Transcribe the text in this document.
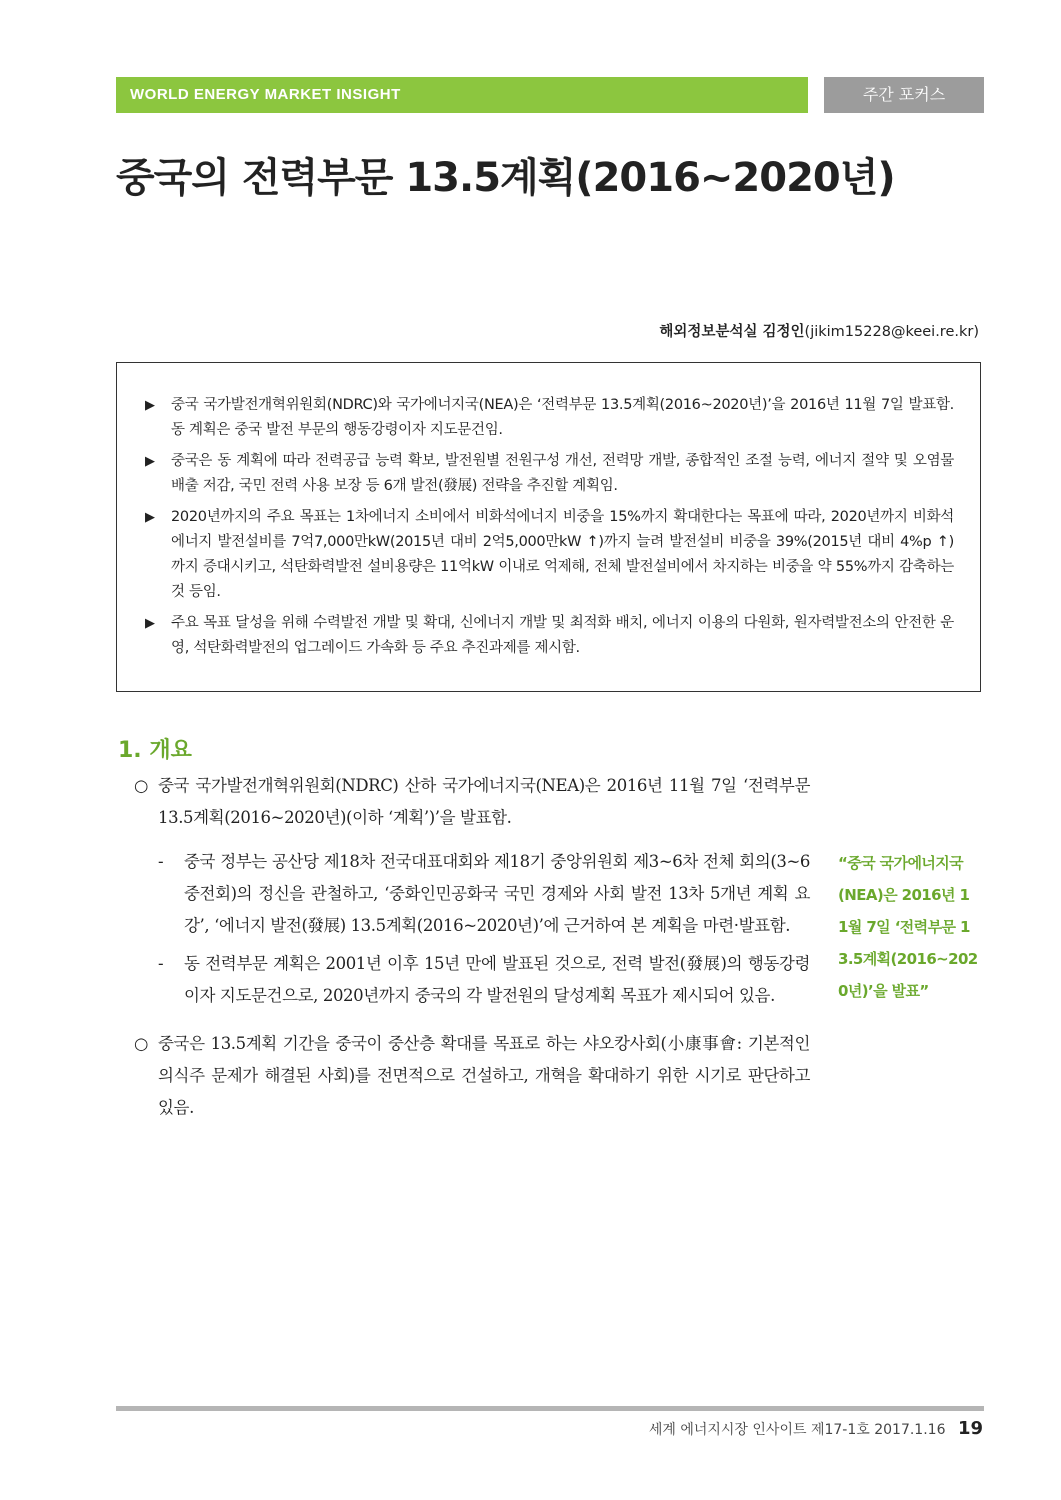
WORLD ENERGY MARKET INSIGHT	주간 포커스
중국의 전력부문 13.5계획(2016~2020년)
해외정보분석실 김정인(jikim15228@keei.re.kr)
▶	중국 국가발전개혁위원회(NDRC)와 국가에너지국(NEA)은 ‘전력부문 13.5계획(2016~2020년)’을 2016년 11월 7일 발표함. 동 계획은 중국 발전 부문의 행동강령이자 지도문건임.
▶	중국은 동 계획에 따라 전력공급 능력 확보, 발전원별 전원구성 개선, 전력망 개발, 종합적인 조절 능력, 에너지 절약 및 오염물 배출 저감, 국민 전력 사용 보장 등 6개 발전(發展) 전략을 추진할 계획임.
▶	2020년까지의 주요 목표는 1차에너지 소비에서 비화석에너지 비중을 15%까지 확대한다는 목표에 따라, 2020년까지 비화석에너지 발전설비를 7억7,000만kW(2015년 대비 2억5,000만kW ↑)까지 늘려 발전설비 비중을 39%(2015년 대비 4%p ↑)까지 증대시키고, 석탄화력발전 설비용량은 11억kW 이내로 억제해, 전체 발전설비에서 차지하는 비중을 약 55%까지 감축하는 것 등임.
▶	주요 목표 달성을 위해 수력발전 개발 및 확대, 신에너지 개발 및 최적화 배치, 에너지 이용의 다원화, 원자력발전소의 안전한 운영, 석탄화력발전의 업그레이드 가속화 등 주요 추진과제를 제시함.
1. 개요
○ 중국 국가발전개혁위원회(NDRC) 산하 국가에너지국(NEA)은 2016년 11월 7일 ‘전력부문 13.5계획(2016~2020년)(이하 ‘계획’)’을 발표함.
-	중국 정부는 공산당 제18차 전국대표대회와 제18기 중앙위원회 제3~6차 전체 회의(3~6중전회)의 정신을 관철하고, ‘중화인민공화국 국민 경제와 사회 발전 13차 5개년 계획 요강’, ‘에너지 발전(發展) 13.5계획(2016~2020년)’에 근거하여 본 계획을 마련·발표함.
-	동 전력부문 계획은 2001년 이후 15년 만에 발표된 것으로, 전력 발전(發展)의 행동강령이자 지도문건으로, 2020년까지 중국의 각 발전원의 달성계획 목표가 제시되어 있음.
○ 중국은 13.5계획 기간을 중국이 중산층 확대를 목표로 하는 샤오캉사회(小康事會: 기본적인 의식주 문제가 해결된 사회)를 전면적으로 건설하고, 개혁을 확대하기 위한 시기로 판단하고 있음.
“중국 국가에너지국(NEA)은 2016년 11월 7일 ‘전력부문 13.5계획(2016~2020년)’을 발표”
세계 에너지시장 인사이트 제17-1호 2017.1.16 19
